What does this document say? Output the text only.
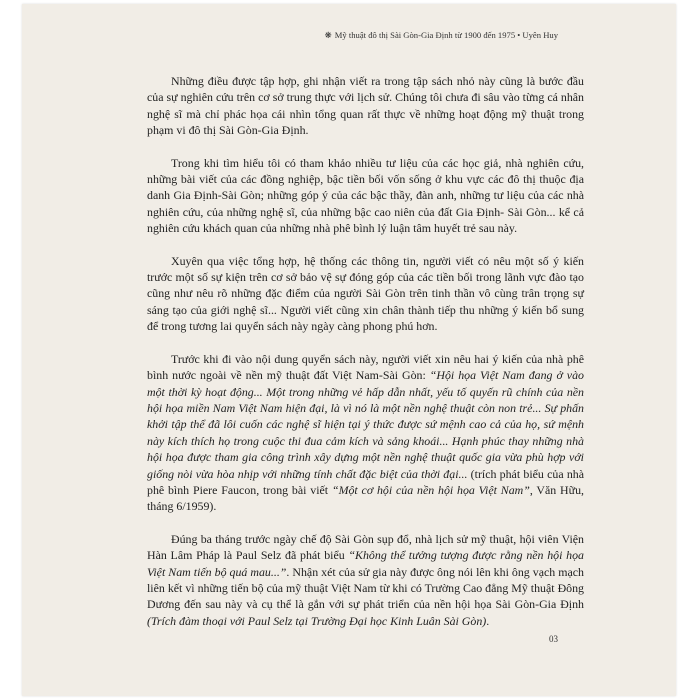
❋ Mỹ thuật đô thị Sài Gòn-Gia Định từ 1900 đến 1975 • Uyên Huy

Những điều được tập hợp, ghi nhận viết ra trong tập sách nhỏ này cũng là bước đầu của sự nghiên cứu trên cơ sở trung thực với lịch sử. Chúng tôi chưa đi sâu vào từng cá nhân nghệ sĩ mà chỉ phác họa cái nhìn tổng quan rất thực về những hoạt động mỹ thuật trong phạm vi đô thị Sài Gòn-Gia Định.

Trong khi tìm hiểu tôi có tham khảo nhiều tư liệu của các học giả, nhà nghiên cứu, những bài viết của các đồng nghiệp, bậc tiền bối vốn sống ở khu vực các đô thị thuộc địa danh Gia Định-Sài Gòn; những góp ý của các bậc thầy, đàn anh, những tư liệu của các nhà nghiên cứu, của những nghệ sĩ, của những bậc cao niên của đất Gia Định- Sài Gòn... kể cả nghiên cứu khách quan của những nhà phê bình lý luận tâm huyết trẻ sau này.

Xuyên qua việc tổng hợp, hệ thống các thông tin, người viết có nêu một số ý kiến trước một số sự kiện trên cơ sở bảo vệ sự đóng góp của các tiền bối trong lãnh vực đào tạo cũng như nêu rõ những đặc điểm của người Sài Gòn trên tinh thần vô cùng trân trọng sự sáng tạo của giới nghệ sĩ... Người viết cũng xin chân thành tiếp thu những ý kiến bổ sung để trong tương lai quyển sách này ngày càng phong phú hơn.

Trước khi đi vào nội dung quyển sách này, người viết xin nêu hai ý kiến của nhà phê bình nước ngoài về nền mỹ thuật đất Việt Nam-Sài Gòn: “Hội họa Việt Nam đang ở vào một thời kỳ hoạt động... Một trong những vẻ hấp dẫn nhất, yếu tố quyến rũ chính của nền hội họa miền Nam Việt Nam hiện đại, là vì nó là một nền nghệ thuật còn non trẻ... Sự phấn khởi tập thể đã lôi cuốn các nghệ sĩ hiện tại ý thức được sứ mệnh cao cả của họ, sứ mệnh này kích thích họ trong cuộc thi đua cảm kích và sảng khoái... Hạnh phúc thay những nhà hội họa được tham gia công trình xây dựng một nền nghệ thuật quốc gia vừa phù hợp với giống nòi vừa hòa nhịp với những tính chất đặc biệt của thời đại... (trích phát biểu của nhà phê bình Piere Faucon, trong bài viết “Một cơ hội của nền hội họa Việt Nam”, Văn Hữu, tháng 6/1959).

Đúng ba tháng trước ngày chế độ Sài Gòn sụp đổ, nhà lịch sử mỹ thuật, hội viên Viện Hàn Lâm Pháp là Paul Selz đã phát biểu “Không thể tưởng tượng được rằng nền hội họa Việt Nam tiến bộ quá mau...”. Nhận xét của sử gia này được ông nói lên khi ông vạch mạch liên kết vì những tiến bộ của mỹ thuật Việt Nam từ khi có Trường Cao đẳng Mỹ thuật Đông Dương đến sau này và cụ thể là gắn với sự phát triển của nền hội họa Sài Gòn-Gia Định (Trích đàm thoại với Paul Selz tại Trường Đại học Kinh Luân Sài Gòn).

03
